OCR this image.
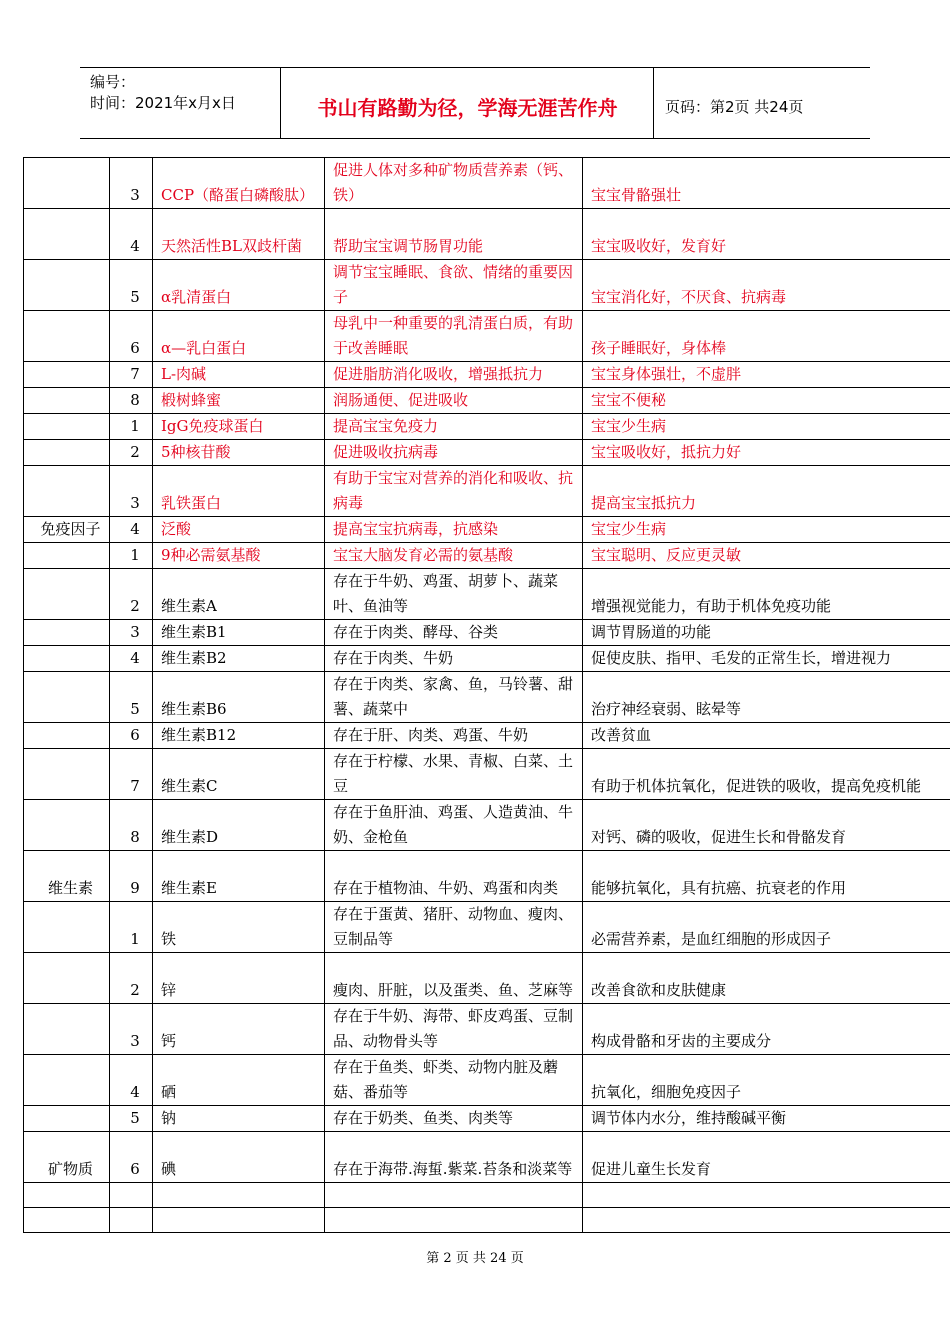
编号：
时间：2021年x月x日	书山有路勤为径，学海无涯苦作舟	页码：第2页 共24页
	3	CCP（酪蛋白磷酸肽）	促进人体对多种矿物质营养素（钙、铁）	宝宝骨骼强壮
	4	天然活性BL双歧杆菌	帮助宝宝调节肠胃功能	宝宝吸收好，发育好
	5	α乳清蛋白	调节宝宝睡眠、食欲、情绪的重要因子	宝宝消化好，不厌食、抗病毒
	6	α—乳白蛋白	母乳中一种重要的乳清蛋白质，有助于改善睡眠	孩子睡眠好，身体棒
	7	L-肉碱	促进脂肪消化吸收，增强抵抗力	宝宝身体强壮，不虚胖
	8	椴树蜂蜜	润肠通便、促进吸收	宝宝不便秘
	1	IgG免疫球蛋白	提高宝宝免疫力	宝宝少生病
	2	5种核苷酸	促进吸收抗病毒	宝宝吸收好，抵抗力好
	3	乳铁蛋白	有助于宝宝对营养的消化和吸收、抗病毒	提高宝宝抵抗力
免疫因子	4	泛酸	提高宝宝抗病毒，抗感染	宝宝少生病
	1	9种必需氨基酸	宝宝大脑发育必需的氨基酸	宝宝聪明、反应更灵敏
	2	维生素A	存在于牛奶、鸡蛋、胡萝卜、蔬菜叶、鱼油等	增强视觉能力，有助于机体免疫功能
	3	维生素B1	存在于肉类、酵母、谷类	调节胃肠道的功能
	4	维生素B2	存在于肉类、牛奶	促使皮肤、指甲、毛发的正常生长，增进视力
	5	维生素B6	存在于肉类、家禽、鱼，马铃薯、甜薯、蔬菜中	治疗神经衰弱、眩晕等
	6	维生素B12	存在于肝、肉类、鸡蛋、牛奶	改善贫血
	7	维生素C	存在于柠檬、水果、青椒、白菜、土豆	有助于机体抗氧化，促进铁的吸收，提高免疫机能
	8	维生素D	存在于鱼肝油、鸡蛋、人造黄油、牛奶、金枪鱼	对钙、磷的吸收，促进生长和骨骼发育
维生素	9	维生素E	存在于植物油、牛奶、鸡蛋和肉类	能够抗氧化，具有抗癌、抗衰老的作用
	1	铁	存在于蛋黄、猪肝、动物血、瘦肉、豆制品等	必需营养素，是血红细胞的形成因子
	2	锌	瘦肉、肝脏，以及蛋类、鱼、芝麻等	改善食欲和皮肤健康
	3	钙	存在于牛奶、海带、虾皮鸡蛋、豆制品、动物骨头等	构成骨骼和牙齿的主要成分
	4	硒	存在于鱼类、虾类、动物内脏及蘑菇、番茄等	抗氧化，细胞免疫因子
	5	钠	存在于奶类、鱼类、肉类等	调节体内水分，维持酸碱平衡
矿物质	6	碘	存在于海带.海蜇.紫菜.苔条和淡菜等	促进儿童生长发育

第 2 页 共 24 页
